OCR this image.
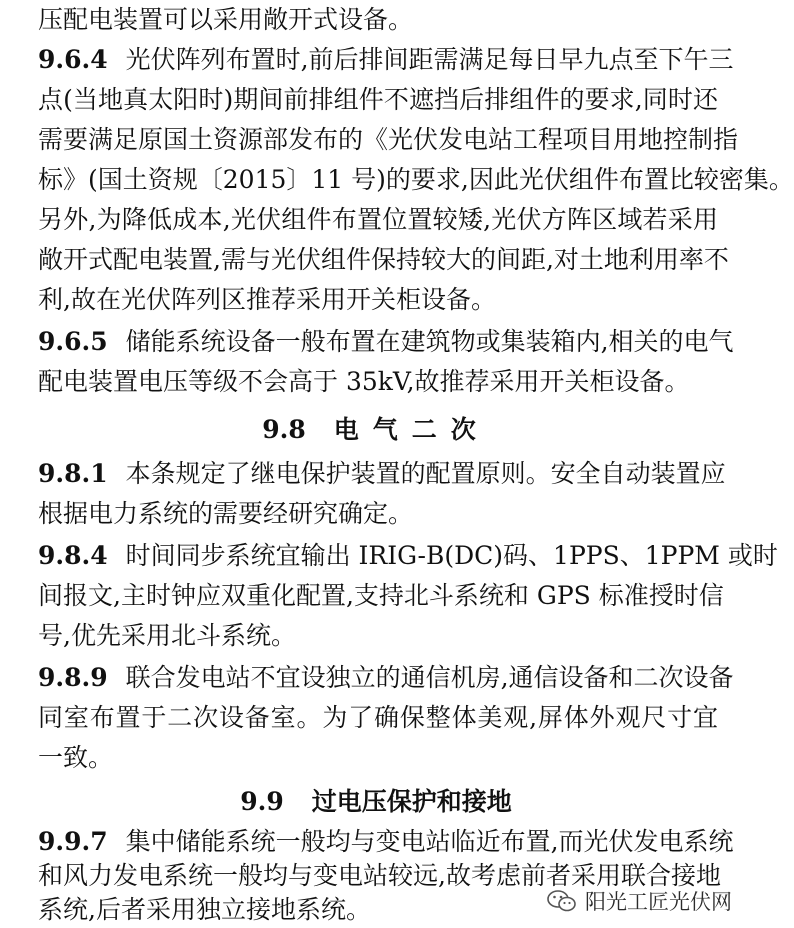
压配电装置可以采用敞开式设备。
9.6.4 光伏阵列布置时,前后排间距需满足每日早九点至下午三
点(当地真太阳时)期间前排组件不遮挡后排组件的要求,同时还
需要满足原国土资源部发布的《光伏发电站工程项目用地控制指
标》(国土资规〔2015〕11 号)的要求,因此光伏组件布置比较密集。
另外,为降低成本,光伏组件布置位置较矮,光伏方阵区域若采用
敞开式配电装置,需与光伏组件保持较大的间距,对土地利用率不
利,故在光伏阵列区推荐采用开关柜设备。
9.6.5 储能系统设备一般布置在建筑物或集装箱内,相关的电气
配电装置电压等级不会高于 35kV,故推荐采用开关柜设备。
9.8 电气二次
9.8.1 本条规定了继电保护装置的配置原则。安全自动装置应
根据电力系统的需要经研究确定。
9.8.4 时间同步系统宜输出 IRIG-B(DC)码、1PPS、1PPM 或时
间报文,主时钟应双重化配置,支持北斗系统和 GPS 标准授时信
号,优先采用北斗系统。
9.8.9 联合发电站不宜设独立的通信机房,通信设备和二次设备
同室布置于二次设备室。为了确保整体美观,屏体外观尺寸宜
一致。
9.9 过电压保护和接地
9.9.7 集中储能系统一般均与变电站临近布置,而光伏发电系统
和风力发电系统一般均与变电站较远,故考虑前者采用联合接地
系统,后者采用独立接地系统。	阳光工匠光伏网
